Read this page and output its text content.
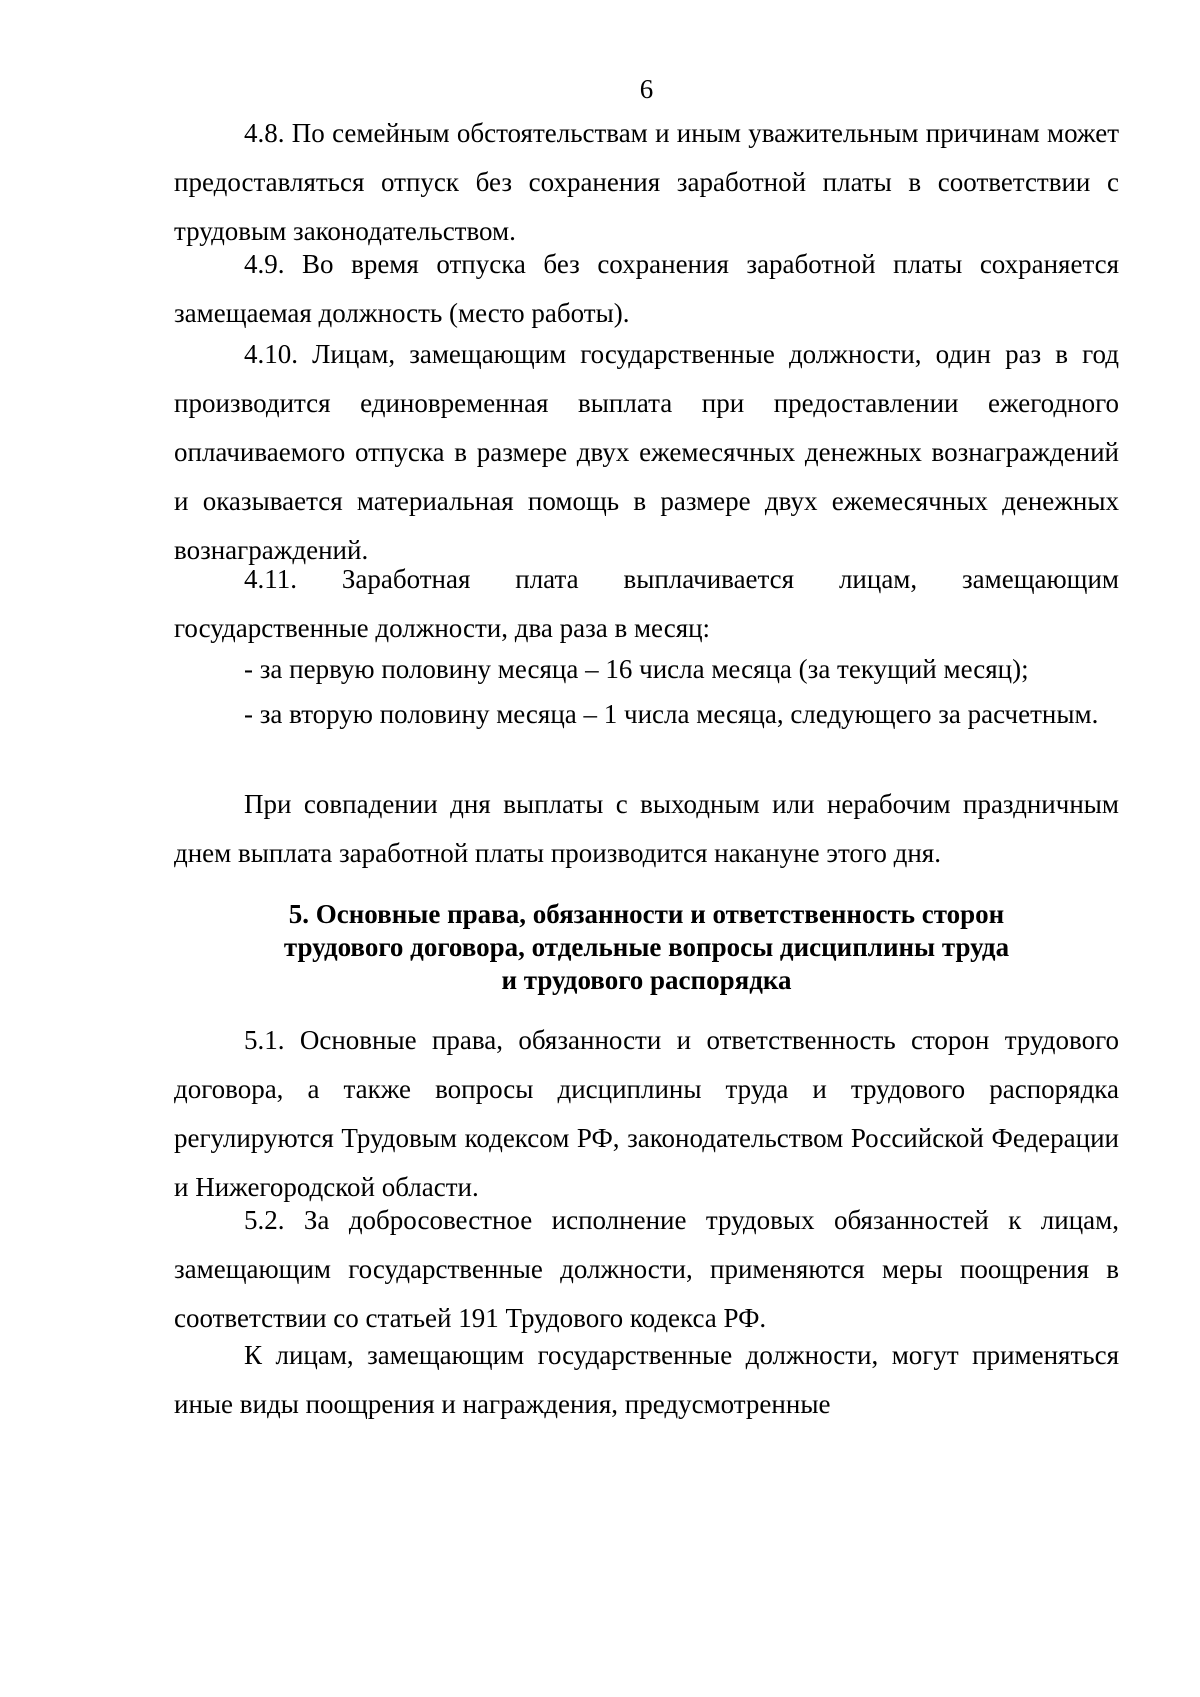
6

4.8. По семейным обстоятельствам и иным уважительным причинам может предоставляться отпуск без сохранения заработной платы в соответствии с трудовым законодательством.

4.9. Во время отпуска без сохранения заработной платы сохраняется замещаемая должность (место работы).

4.10. Лицам, замещающим государственные должности, один раз в год производится единовременная выплата при предоставлении ежегодного оплачиваемого отпуска в размере двух ежемесячных денежных вознаграждений и оказывается материальная помощь в размере двух ежемесячных денежных вознаграждений.

4.11. Заработная плата выплачивается лицам, замещающим государственные должности, два раза в месяц:

- за первую половину месяца – 16 числа месяца (за текущий месяц);

- за вторую половину месяца – 1 числа месяца, следующего за расчетным.

При совпадении дня выплаты с выходным или нерабочим праздничным днем выплата заработной платы производится накануне этого дня.

5. Основные права, обязанности и ответственность сторон
трудового договора, отдельные вопросы дисциплины труда
и трудового распорядка

5.1. Основные права, обязанности и ответственность сторон трудового договора, а также вопросы дисциплины труда и трудового распорядка регулируются Трудовым кодексом РФ, законодательством Российской Федерации и Нижегородской области.

5.2. За добросовестное исполнение трудовых обязанностей к лицам, замещающим государственные должности, применяются меры поощрения в соответствии со статьей 191 Трудового кодекса РФ.

К лицам, замещающим государственные должности, могут применяться иные виды поощрения и награждения, предусмотренные
